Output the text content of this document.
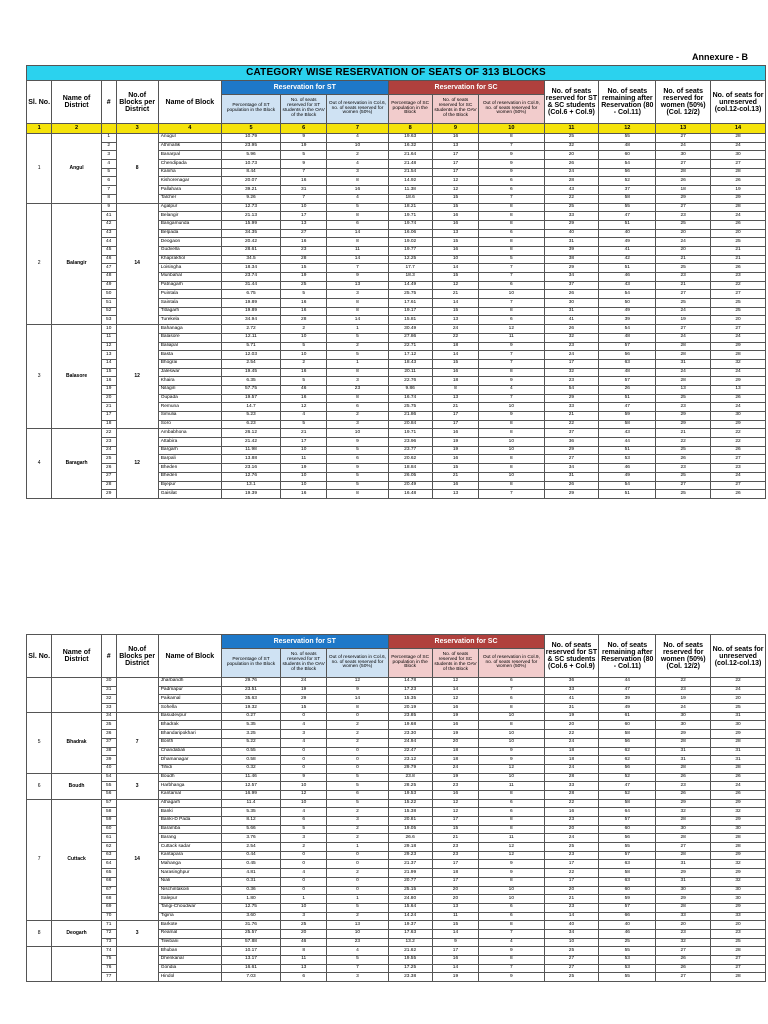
Annexure - B
CATEGORY WISE RESERVATION OF SEATS OF 313 BLOCKS														
Sl. No.	Name of District	#	No.of Blocks per District	Name of Block	Reservation for ST			Reservation for SC			No. of seats reserved for ST & SC students (Col.6 + Col.9)	No. of seats remaining after Reservation (80 - Col.11)	No. of seats reserved for women (50%) (Col. 12/2)	No. of seats for unreserved (col.12-col.13)
					Percentage of ST population in the Block	No. of seats reserved for ST students in the OAV of the Block	Out of reservation in Col.6, no. of seats reserved for women (50%)	Percentage of SC population in the Block	No. of seats reserved for SC students in the OAV of the Block	Out of reservation in Col.9, no. of seats reserved for women (50%)				
1	2		3	4	5	6	7	8	9	10	11	12	13	14
1	Angul	1	8	Anugul	10.79	9	4	19.63	16	8	25	55	27	28
		2		Athmallik	23.95	19	10	16.32	13	7	32	48	24	24
		3		Banarpal	5.96	5	2	21.64	17	9	20	60	30	30
		4		Chendipada	10.73	9	4	21.48	17	9	26	54	27	27
		5		Kaniha	8.44	7	3	21.54	17	9	24	56	28	28
		6		Kishorenagar	20.07	16	8	14.92	12	6	28	52	26	26
		7		Pallahara	39.21	31	16	11.38	12	6	43	37	18	19
		8		Talcher	9.26	7	4	18.6	15	7	22	58	29	29
2	Balangir	9	14	Agalpur	12.73	10	5	18.21	15	8	25	55	27	28
		41		Belangir	21.13	17	8	19.71	16	8	33	47	23	24
		42		Bangamunda	15.99	13	6	19.74	16	8	29	51	25	26
		43		Belpada	34.35	27	14	16.06	13	6	40	40	20	20
		44		Deogaon	20.42	16	8	19.02	15	8	31	49	24	25
		45		Gudvella	28.61	23	11	19.77	16	8	39	41	20	21
		46		Khaprakhol	34.5	28	14	12.25	10	5	38	42	21	21
		47		Loisingha	18.34	15	7	17.7	14	7	29	51	25	26
		48		Muribahal	23.74	19	9	18.3	15	7	34	46	23	23
		49		Patnagarh	31.44	25	13	14.49	12	6	37	43	21	22
		50		Puintala	6.75	5	3	25.75	21	10	26	54	27	27
		51		Saintala	19.89	16	8	17.61	14	7	30	50	25	25
		52		Titlagarh	19.89	16	8	19.17	15	8	31	49	24	25
		53		Turekela	34.94	28	14	15.81	13	6	41	39	19	20
3	Balasore	10	12	Bahanaga	2.72	2	1	30.49	24	12	26	54	27	27
		11		Balasore	12.11	10	5	27.86	22	11	32	48	24	24
		12		Baliapal	5.71	5	2	22.71	18	9	23	57	28	29
		13		Basta	12.03	10	5	17.12	14	7	24	56	28	28
		14		Bhograi	2.54	2	1	18.43	15	7	17	63	31	32
		15		Jaleswar	19.45	16	8	20.11	16	8	32	48	24	24
		16		Khaira	6.35	5	3	22.76	18	9	23	57	28	29
		19		Nilagiri	57.75	46	23	9.86	8	4	54	26	13	13
		20		Oupada	19.57	16	8	16.74	13	7	29	51	25	26
		21		Remuna	14.7	12	6	25.75	21	10	33	47	23	24
		17		Simulia	5.23	4	2	21.86	17	9	21	59	29	30
		18		Soro	6.23	5	3	20.84	17	8	22	58	29	29
4	Baragarh	22	12	Ambabhona	26.12	21	10	19.71	16	8	37	43	21	22
		23		Attabira	21.42	17	9	23.96	19	10	36	44	22	22
		24		Bargarh	11.98	10	5	23.77	19	10	29	51	25	26
		25		Barpali	13.88	11	6	20.62	16	8	27	53	26	27
		26		Bheden	23.16	19	9	18.84	15	8	34	46	23	23
		27		Bheden	12.76	10	5	26.05	21	10	31	49	25	24
		28		Bijepur	13.1	10	5	20.49	16	8	26	54	27	27
		29		Gaisilat	19.39	16	8	16.48	13	7	29	51	25	26
Sl. No.	Name of District	#	No.of Blocks per District	Name of Block	Reservation for ST			Reservation for SC			No. of seats reserved for ST & SC students (Col.6 + Col.9)	No. of seats remaining after Reservation (80 - Col.11)	No. of seats reserved for women (50%) (Col. 12/2)	No. of seats for unreserved (col.12-col.13)
					Percentage of ST population in the Block	No. of seats reserved for ST students in the OAV of the Block	Out of reservation in Col.6, no. of seats reserved for women (50%)	Percentage of SC population in the Block	No. of seats reserved for SC students in the OAV of the Block	Out of reservation in Col.9, no. of seats reserved for women (50%)				
		30		Jharbandh	29.76	24	12	14.78	12	6	36	44	22	22
		31		Padmapur	23.51	19	9	17.23	14	7	33	47	23	24
		32		Paikamal	35.63	29	14	15.35	12	6	41	39	19	20
		33		Sohella	19.32	15	8	20.19	16	8	31	49	24	25
5	Bhadrak	34	7	Basudevpur	0.27	0	0	23.85	19	10	19	61	30	31
		35		Bhadrak	5.35	4	2	19.68	16	8	20	60	30	30
		36		Bhandaripokhari	3.25	3	2	23.30	19	10	22	58	29	29
		37		Bonth	5.22	4	2	24.94	20	10	24	56	28	28
		38		Chandabali	0.55	0	0	22.47	18	9	18	62	31	31
		39		Dhamanagar	0.58	0	0	23.12	18	9	18	62	31	31
		40		Tihidi	0.32	0	0	29.79	24	12	24	56	28	28
6	Boudh	54	3	Boudh	11.46	9	5	23.8	19	10	28	52	26	26
		55		Harbhanga	12.57	10	5	28.25	23	11	33	47	23	24
		56		Kantamal	16.99	12	6	19.53	16	8	28	52	26	26
7	Cuttack	57	14	Athagarh	11.4	10	5	15.22	12	6	22	58	29	29
		58		Banki	5.35	4	2	15.38	12	6	16	64	32	32
		59		Banki-D Pada	8.12	6	3	20.81	17	8	23	57	28	29
		60		Baramba	5.66	5	2	19.05	15	8	20	60	30	30
		61		Barang	3.76	3	2	26.6	21	11	24	56	28	28
		62		Cuttack sadar	2.54	2	1	29.18	23	12	25	55	27	28
		63		Kantapara	0.44	0	0	29.23	23	12	23	57	28	29
		64		Mahanga	0.45	0	0	21.37	17	9	17	63	31	32
		65		Narasinghpur	4.81	4	2	21.99	18	9	22	58	29	29
		66		Niali	0.31	0	0	20.77	17	8	17	63	31	32
		67		Nischintakoili	0.36	0	0	25.15	20	10	20	60	30	30
		68		Salepur	1.80	1	1	24.80	20	10	21	59	29	30
		69		Tangi-Choudwar	12.75	10	5	15.64	13	6	23	57	28	29
		70		Tigiria	3.60	3	2	14.24	11	6	14	66	33	33
8	Deogarh	71	3	Barkote	31.76	25	13	19.37	15	8	40	40	20	20
		72		Reamal	25.57	20	10	17.63	14	7	34	46	23	23
		73		Tileibani	57.88	46	23	13.2	9	4	10	25	32	25
		74		Bhuban	10.17	8	4	21.62	17	9	25	55	27	28
		75		Dhenkanal	13.17	11	5	19.55	16	8	27	53	26	27
		76		Gondia	16.61	13	7	17.25	14	7	27	53	26	27
		77		Hindol	7.03	6	3	23.38	19	9	25	55	27	28
